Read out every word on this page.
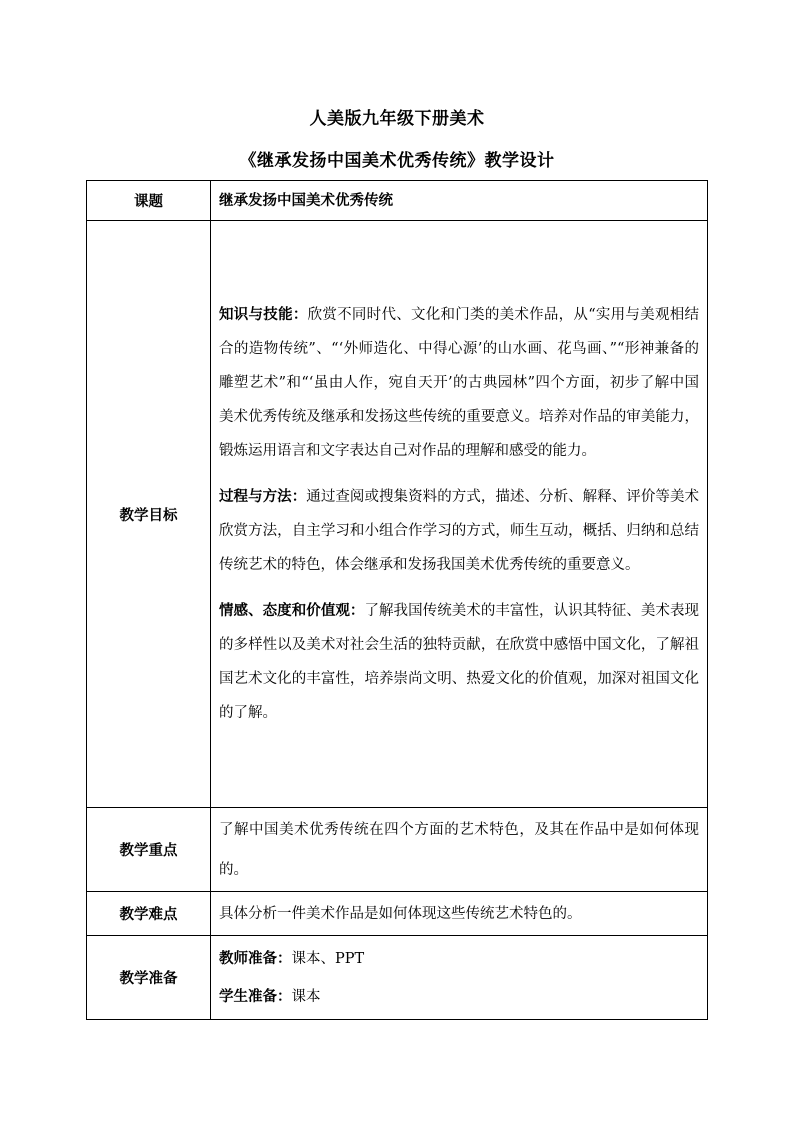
人美版九年级下册美术
《继承发扬中国美术优秀传统》教学设计
课题	继承发扬中国美术优秀传统
教学目标	知识与技能：欣赏不同时代、文化和门类的美术作品，从“实用与美观相结合的造物传统”、“‘外师造化、中得心源’的山水画、花鸟画、”“形神兼备的雕塑艺术”和“‘虽由人作，宛自天开’的古典园林”四个方面，初步了解中国美术优秀传统及继承和发扬这些传统的重要意义。培养对作品的审美能力，锻炼运用语言和文字表达自己对作品的理解和感受的能力。

过程与方法：通过查阅或搜集资料的方式，描述、分析、解释、评价等美术欣赏方法，自主学习和小组合作学习的方式，师生互动，概括、归纳和总结传统艺术的特色，体会继承和发扬我国美术优秀传统的重要意义。

情感、态度和价值观：了解我国传统美术的丰富性，认识其特征、美术表现的多样性以及美术对社会生活的独特贡献，在欣赏中感悟中国文化，了解祖国艺术文化的丰富性，培养崇尚文明、热爱文化的价值观，加深对祖国文化的了解。

教学重点	了解中国美术优秀传统在四个方面的艺术特色，及其在作品中是如何体现的。
教学难点	具体分析一件美术作品是如何体现这些传统艺术特色的。
教学准备	教师准备：课本、PPT
学生准备：课本
